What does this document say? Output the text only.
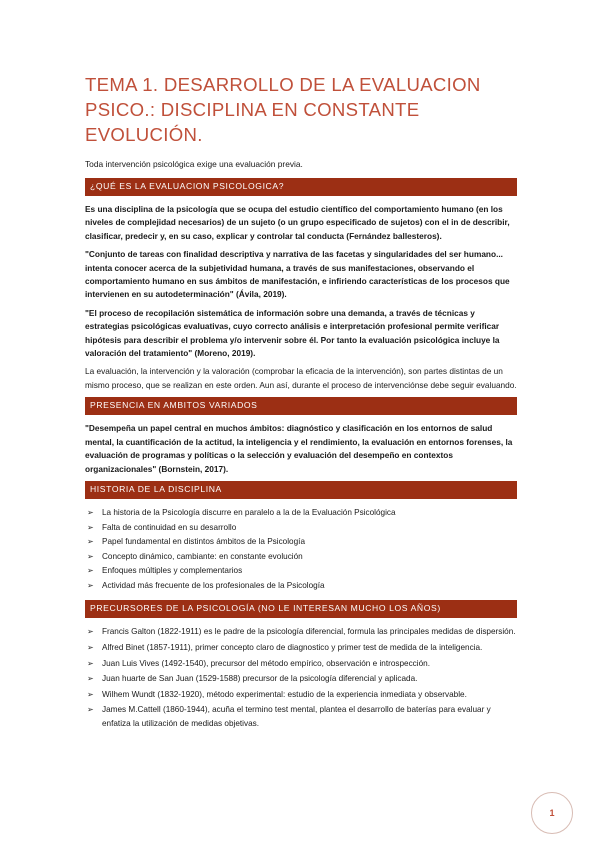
TEMA 1. DESARROLLO DE LA EVALUACION PSICO.: DISCIPLINA EN CONSTANTE EVOLUCIÓN.

Toda intervención psicológica exige una evaluación previa.

¿QUÉ ES LA EVALUACION PSICOLOGICA?

Es una disciplina de la psicología que se ocupa del estudio científico del comportamiento humano (en los niveles de complejidad necesarios) de un sujeto (o un grupo especificado de sujetos) con el in de describir, clasificar, predecir y, en su caso, explicar y controlar tal conducta (Fernández ballesteros).

"Conjunto de tareas con finalidad descriptiva y narrativa de las facetas y singularidades del ser humano... intenta conocer acerca de la subjetividad humana, a través de sus manifestaciones, observando el comportamiento humano en sus ámbitos de manifestación, e infiriendo características de los procesos que intervienen en su autodeterminación" (Ávila, 2019).

"El proceso de recopilación sistemática de información sobre una demanda, a través de técnicas y estrategias psicológicas evaluativas, cuyo correcto análisis e interpretación profesional permite verificar hipótesis para describir el problema y/o intervenir sobre él. Por tanto la evaluación psicológica incluye la valoración del tratamiento" (Moreno, 2019).

La evaluación, la intervención y la valoración (comprobar la eficacia de la intervención), son partes distintas de un mismo proceso, que se realizan en este orden. Aun así, durante el proceso de intervenciónse debe seguir evaluando.

PRESENCIA EN AMBITOS VARIADOS

"Desempeña un papel central en muchos ámbitos: diagnóstico y clasificación en los entornos de salud mental, la cuantificación de la actitud, la inteligencia y el rendimiento, la evaluación en entornos forenses, la evaluación de programas y políticas o la selección y evaluación del desempeño en contextos organizacionales" (Bornstein, 2017).

HISTORIA DE LA DISCIPLINA
➢ La historia de la Psicología discurre en paralelo a la de la Evaluación Psicológica
➢ Falta de continuidad en su desarrollo
➢ Papel fundamental en distintos ámbitos de la Psicología
➢ Concepto dinámico, cambiante: en constante evolución
➢ Enfoques múltiples y complementarios
➢ Actividad más frecuente de los profesionales de la Psicología
PRECURSORES DE LA PSICOLOGÍA (NO LE INTERESAN MUCHO LOS AÑOS)
➢ Francis Galton (1822-1911) es le padre de la psicología diferencial, formula las principales medidas de dispersión.
➢ Alfred Binet (1857-1911), primer concepto claro de diagnostico y primer test de medida de la inteligencia.
➢ Juan Luis Vives (1492-1540), precursor del método empírico, observación e introspección.
➢ Juan huarte de San Juan (1529-1588) precursor de la psicología diferencial y aplicada.
➢ Wilhem Wundt (1832-1920), método experimental: estudio de la experiencia inmediata y observable.
➢ James M.Cattell (1860-1944), acuña el termino test mental, plantea el desarrollo de baterías para evaluar y enfatiza la utilización de medidas objetivas.
1
